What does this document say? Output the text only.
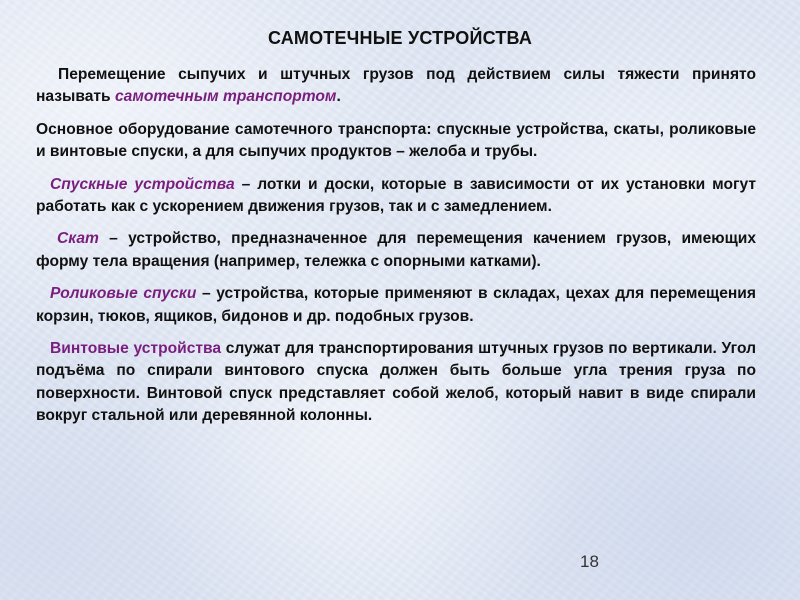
САМОТЕЧНЫЕ УСТРОЙСТВА

Перемещение сыпучих и штучных грузов под действием силы тяжести принято называть самотечным транспортом.

Основное оборудование самотечного транспорта: спускные устройства, скаты, роликовые и винтовые спуски, а для сыпучих продуктов – желоба и трубы.

Спускные устройства – лотки и доски, которые в зависимости от их установки могут работать как с ускорением движения грузов, так и с замедлением.

Скат – устройство, предназначенное для перемещения качением грузов, имеющих форму тела вращения (например, тележка с опорными катками).

Роликовые спуски – устройства, которые применяют в складах, цехах для перемещения корзин, тюков, ящиков, бидонов и др. подобных грузов.

Винтовые устройства служат для транспортирования штучных грузов по вертикали. Угол подъёма по спирали винтового спуска должен быть больше угла трения груза по поверхности. Винтовой спуск представляет собой желоб, который навит в виде спирали вокруг стальной или деревянной колонны.

18
